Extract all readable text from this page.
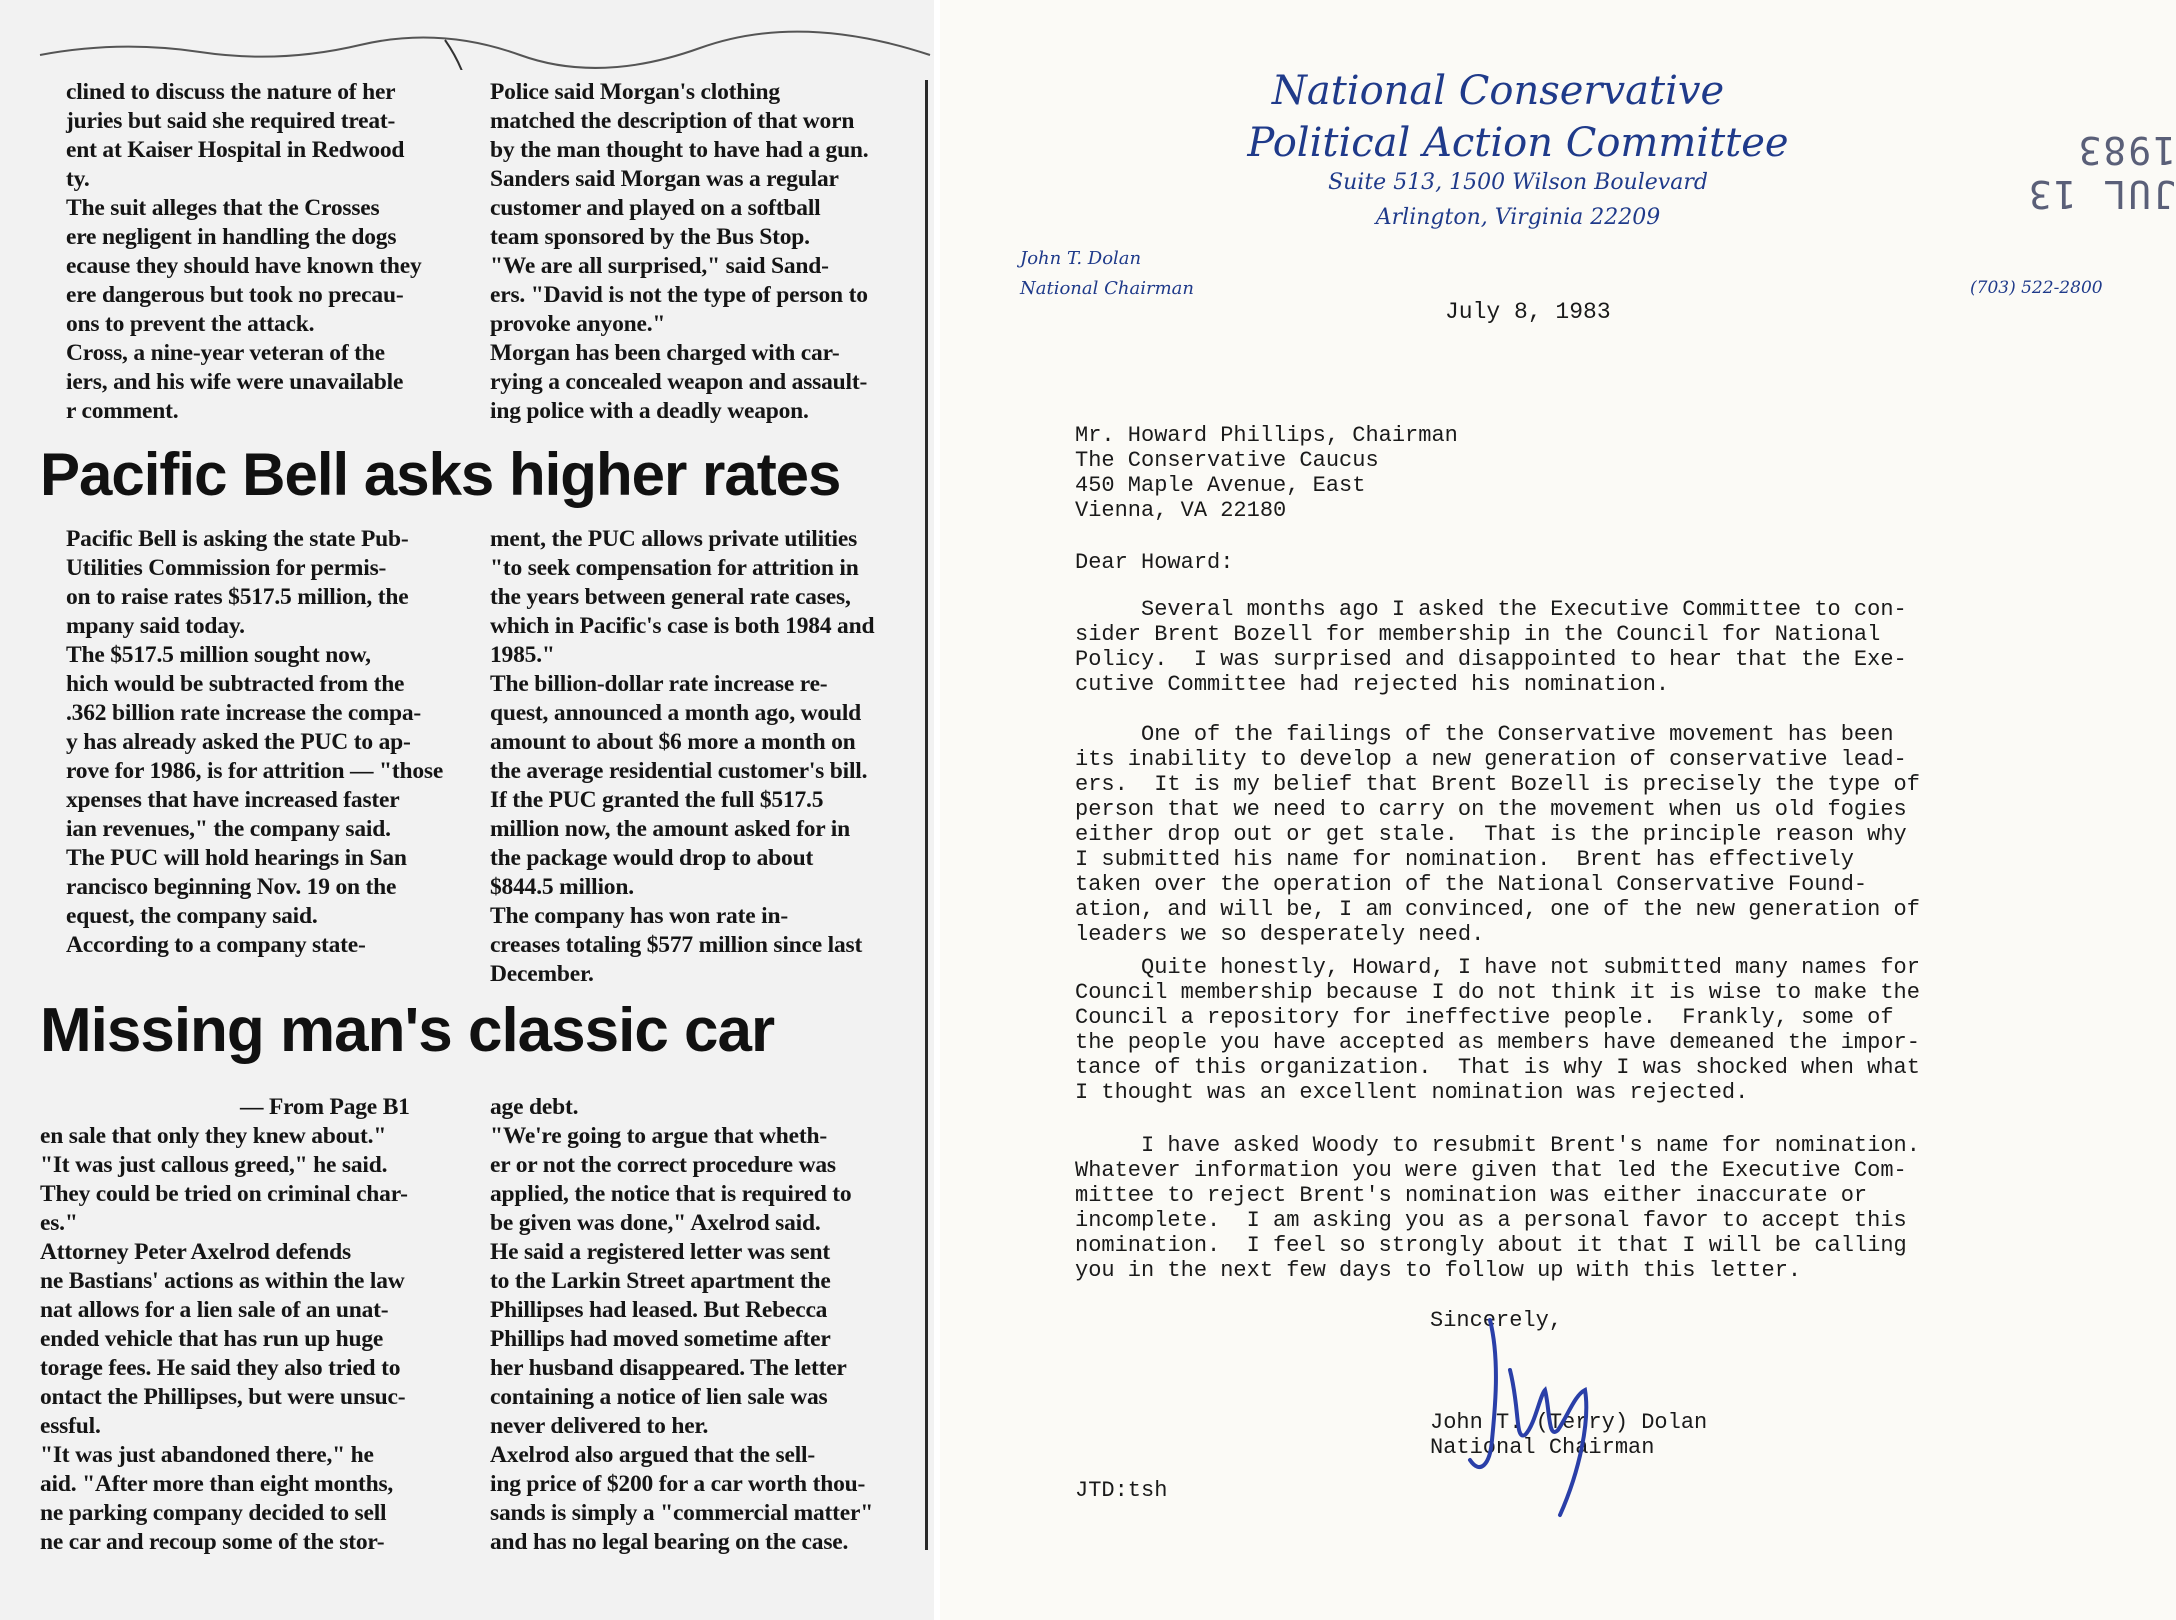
clined to discuss the nature of her
juries but said she required treat-
ent at Kaiser Hospital in Redwood
ty.
The suit alleges that the Crosses
ere negligent in handling the dogs
ecause they should have known they
ere dangerous but took no precau-
ons to prevent the attack.
Cross, a nine-year veteran of the
iers, and his wife were unavailable
r comment.
Police said Morgan's clothing
matched the description of that worn
by the man thought to have had a gun.
Sanders said Morgan was a regular
customer and played on a softball
team sponsored by the Bus Stop.
"We are all surprised," said Sand-
ers. "David is not the type of person to
provoke anyone."
Morgan has been charged with car-
rying a concealed weapon and assault-
ing police with a deadly weapon.
Pacific Bell asks higher rates
Pacific Bell is asking the state Pub-
Utilities Commission for permis-
on to raise rates $517.5 million, the
mpany said today.
The $517.5 million sought now,
hich would be subtracted from the
.362 billion rate increase the compa-
y has already asked the PUC to ap-
rove for 1986, is for attrition — "those
xpenses that have increased faster
ian revenues," the company said.
The PUC will hold hearings in San
rancisco beginning Nov. 19 on the
equest, the company said.
According to a company state-
ment, the PUC allows private utilities
"to seek compensation for attrition in
the years between general rate cases,
which in Pacific's case is both 1984 and
1985."
The billion-dollar rate increase re-
quest, announced a month ago, would
amount to about $6 more a month on
the average residential customer's bill.
If the PUC granted the full $517.5
million now, the amount asked for in
the package would drop to about
$844.5 million.
The company has won rate in-
creases totaling $577 million since last
December.
Missing man's classic car
— From Page B1
en sale that only they knew about."
"It was just callous greed," he said.
They could be tried on criminal char-
es."
Attorney Peter Axelrod defends
ne Bastians' actions as within the law
nat allows for a lien sale of an unat-
ended vehicle that has run up huge
torage fees. He said they also tried to
ontact the Phillipses, but were unsuc-
essful.
"It was just abandoned there," he
aid. "After more than eight months,
ne parking company decided to sell
ne car and recoup some of the stor-
age debt.
"We're going to argue that wheth-
er or not the correct procedure was
applied, the notice that is required to
be given was done," Axelrod said.
He said a registered letter was sent
to the Larkin Street apartment the
Phillipses had leased. But Rebecca
Phillips had moved sometime after
her husband disappeared. The letter
containing a notice of lien sale was
never delivered to her.
Axelrod also argued that the sell-
ing price of $200 for a car worth thou-
sands is simply a "commercial matter"
and has no legal bearing on the case.
National Conservative
Political Action Committee
Suite 513, 1500 Wilson Boulevard
Arlington, Virginia 22209
John T. Dolan
National Chairman	(703) 522-2800
JUL 13 1983
July 8, 1983
Mr. Howard Phillips, Chairman
The Conservative Caucus
450 Maple Avenue, East
Vienna, VA 22180
Dear Howard:
Several months ago I asked the Executive Committee to con-
sider Brent Bozell for membership in the Council for National
Policy.  I was surprised and disappointed to hear that the Exe-
cutive Committee had rejected his nomination.
One of the failings of the Conservative movement has been
its inability to develop a new generation of conservative lead-
ers.  It is my belief that Brent Bozell is precisely the type of
person that we need to carry on the movement when us old fogies
either drop out or get stale.  That is the principle reason why
I submitted his name for nomination.  Brent has effectively
taken over the operation of the National Conservative Found-
ation, and will be, I am convinced, one of the new generation of
leaders we so desperately need.
Quite honestly, Howard, I have not submitted many names for
Council membership because I do not think it is wise to make the
Council a repository for ineffective people.  Frankly, some of
the people you have accepted as members have demeaned the impor-
tance of this organization.  That is why I was shocked when what
I thought was an excellent nomination was rejected.
I have asked Woody to resubmit Brent's name for nomination.
Whatever information you were given that led the Executive Com-
mittee to reject Brent's nomination was either inaccurate or
incomplete.  I am asking you as a personal favor to accept this
nomination.  I feel so strongly about it that I will be calling
you in the next few days to follow up with this letter.
Sincerely,
John T. (Terry) Dolan
National Chairman
JTD:tsh
